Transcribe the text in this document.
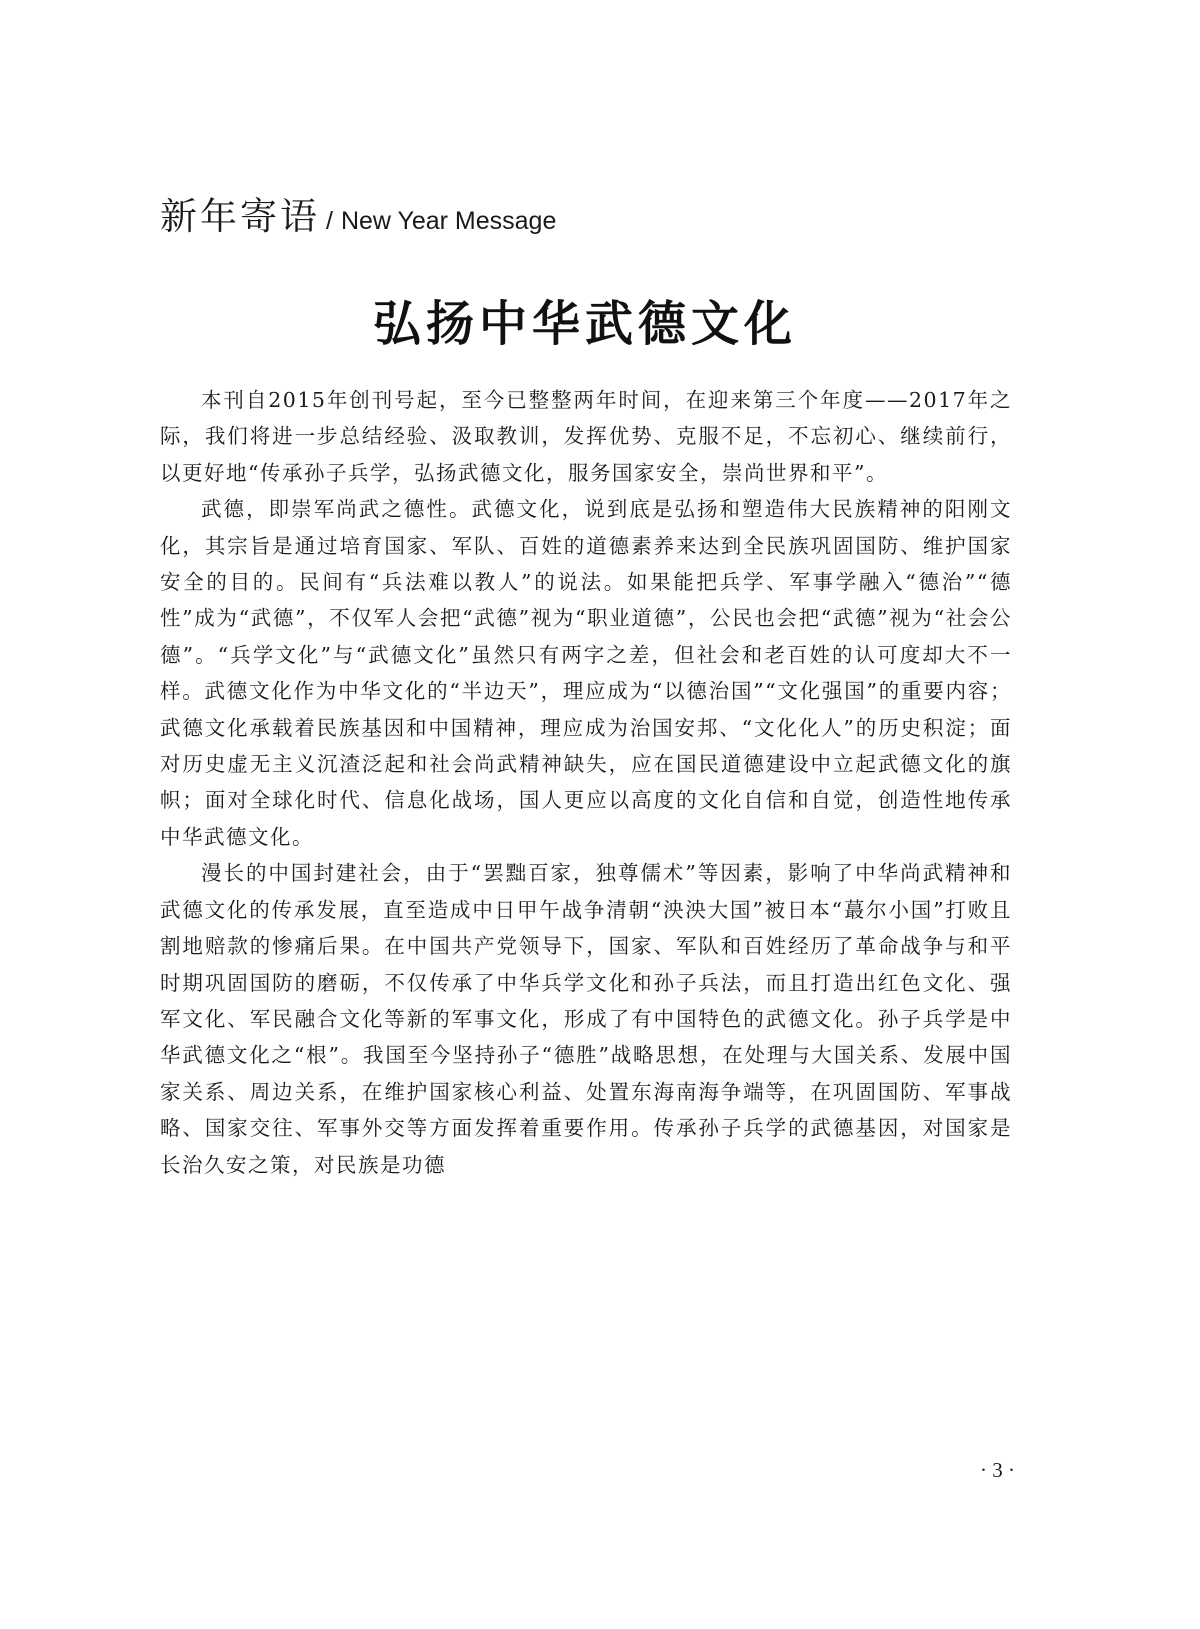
新年寄语 / New Year Message
弘扬中华武德文化

本刊自2015年创刊号起，至今已整整两年时间，在迎来第三个年度——2017年之际，我们将进一步总结经验、汲取教训，发挥优势、克服不足，不忘初心、继续前行，以更好地“传承孙子兵学，弘扬武德文化，服务国家安全，崇尚世界和平”。

武德，即崇军尚武之德性。武德文化，说到底是弘扬和塑造伟大民族精神的阳刚文化，其宗旨是通过培育国家、军队、百姓的道德素养来达到全民族巩固国防、维护国家安全的目的。民间有“兵法难以教人”的说法。如果能把兵学、军事学融入“德治”“德性”成为“武德”，不仅军人会把“武德”视为“职业道德”，公民也会把“武德”视为“社会公德”。“兵学文化”与“武德文化”虽然只有两字之差，但社会和老百姓的认可度却大不一样。武德文化作为中华文化的“半边天”，理应成为“以德治国”“文化强国”的重要内容；武德文化承载着民族基因和中国精神，理应成为治国安邦、“文化化人”的历史积淀；面对历史虚无主义沉渣泛起和社会尚武精神缺失，应在国民道德建设中立起武德文化的旗帜；面对全球化时代、信息化战场，国人更应以高度的文化自信和自觉，创造性地传承中华武德文化。

漫长的中国封建社会，由于“罢黜百家，独尊儒术”等因素，影响了中华尚武精神和武德文化的传承发展，直至造成中日甲午战争清朝“泱泱大国”被日本“蕞尔小国”打败且割地赔款的惨痛后果。在中国共产党领导下，国家、军队和百姓经历了革命战争与和平时期巩固国防的磨砺，不仅传承了中华兵学文化和孙子兵法，而且打造出红色文化、强军文化、军民融合文化等新的军事文化，形成了有中国特色的武德文化。孙子兵学是中华武德文化之“根”。我国至今坚持孙子“德胜”战略思想，在处理与大国关系、发展中国家关系、周边关系，在维护国家核心利益、处置东海南海争端等，在巩固国防、军事战略、国家交往、军事外交等方面发挥着重要作用。传承孙子兵学的武德基因，对国家是长治久安之策，对民族是功德

· 3 ·
